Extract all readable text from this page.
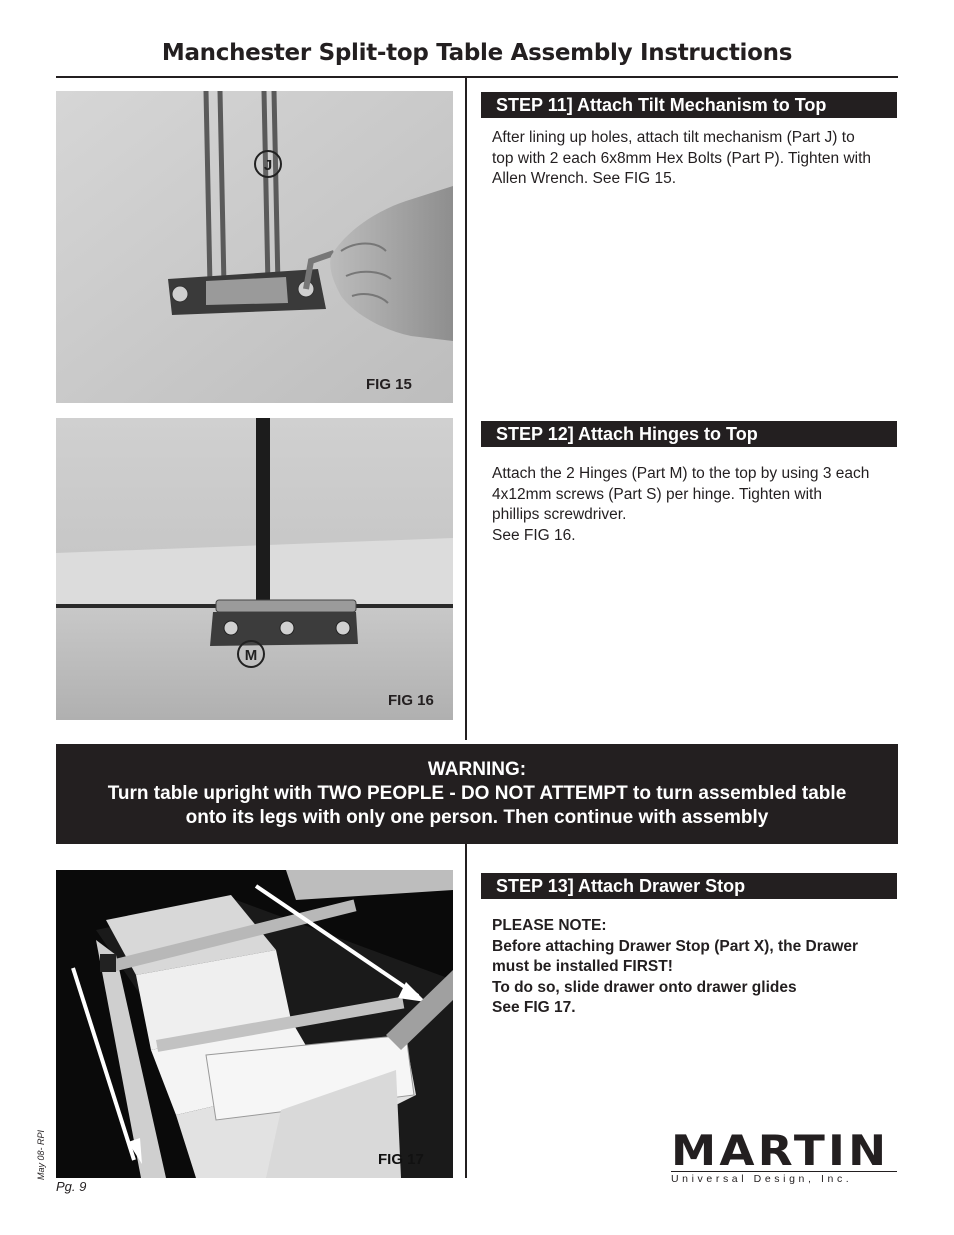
Manchester Split-top Table Assembly Instructions
J
FIG 15
STEP 11] Attach Tilt Mechanism to Top

After lining up holes, attach tilt mechanism (Part J) to

top with 2 each 6x8mm Hex Bolts (Part P). Tighten with

Allen Wrench. See FIG 15.

M
FIG 16
STEP 12] Attach Hinges to Top

Attach the 2 Hinges (Part M) to the top by using 3 each

4x12mm screws (Part S) per hinge. Tighten with

phillips screwdriver.

See FIG 16.

WARNING:
Turn table upright with TWO PEOPLE - DO NOT ATTEMPT to turn assembled table
onto its legs with only one person. Then continue with assembly
FIG 17
STEP 13] Attach Drawer Stop

PLEASE NOTE:

Before attaching Drawer Stop (Part X), the Drawer

must be installed FIRST!

To do so, slide drawer onto drawer glides

See FIG 17.

May 08- RPI
Pg. 9
MARTIN
Universal Design, Inc.
